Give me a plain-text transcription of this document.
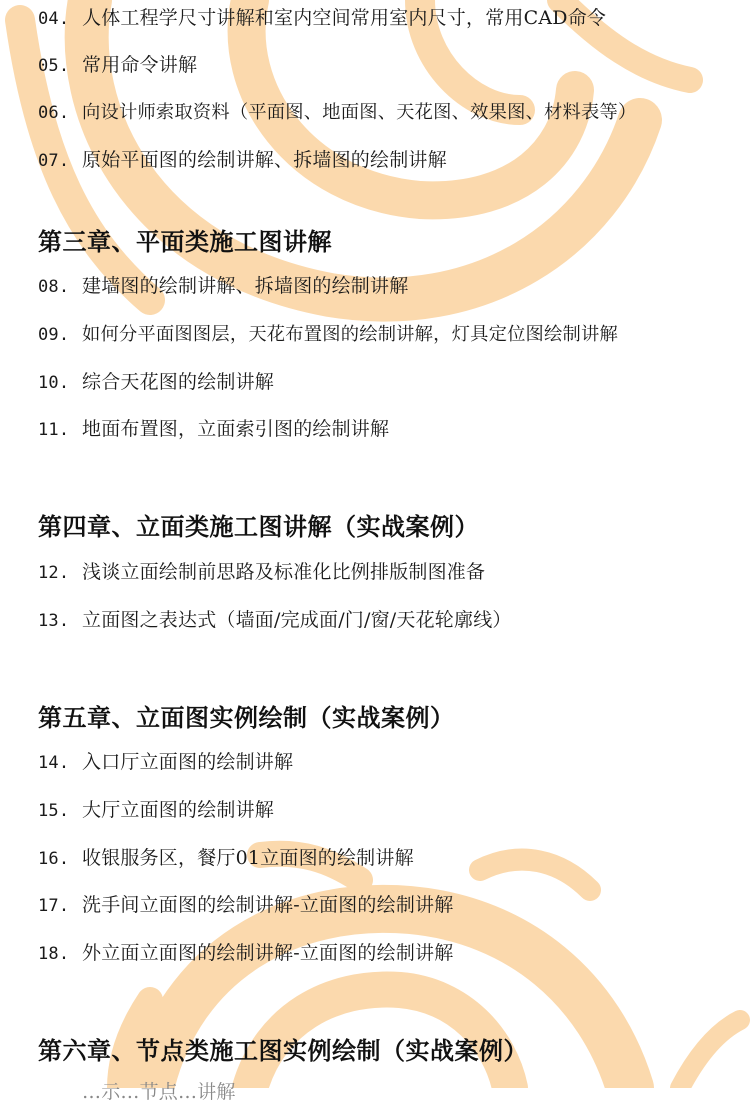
04. 人体工程学尺寸讲解和室内空间常用室内尺寸，常用CAD命令
05. 常用命令讲解
06. 向设计师索取资料（平面图、地面图、天花图、效果图、材料表等）
07. 原始平面图的绘制讲解、拆墙图的绘制讲解
第三章、平面类施工图讲解
08. 建墙图的绘制讲解、拆墙图的绘制讲解
09. 如何分平面图图层，天花布置图的绘制讲解，灯具定位图绘制讲解
10. 综合天花图的绘制讲解
11. 地面布置图，立面索引图的绘制讲解
第四章、立面类施工图讲解（实战案例）
12. 浅谈立面绘制前思路及标准化比例排版制图准备
13. 立面图之表达式（墙面/完成面/门/窗/天花轮廓线）
第五章、立面图实例绘制（实战案例）
14. 入口厅立面图的绘制讲解
15. 大厅立面图的绘制讲解
16. 收银服务区，餐厅01立面图的绘制讲解
17. 洗手间立面图的绘制讲解-立面图的绘制讲解
18. 外立面立面图的绘制讲解-立面图的绘制讲解
第六章、节点类施工图实例绘制（实战案例）
…示…节点…讲解
